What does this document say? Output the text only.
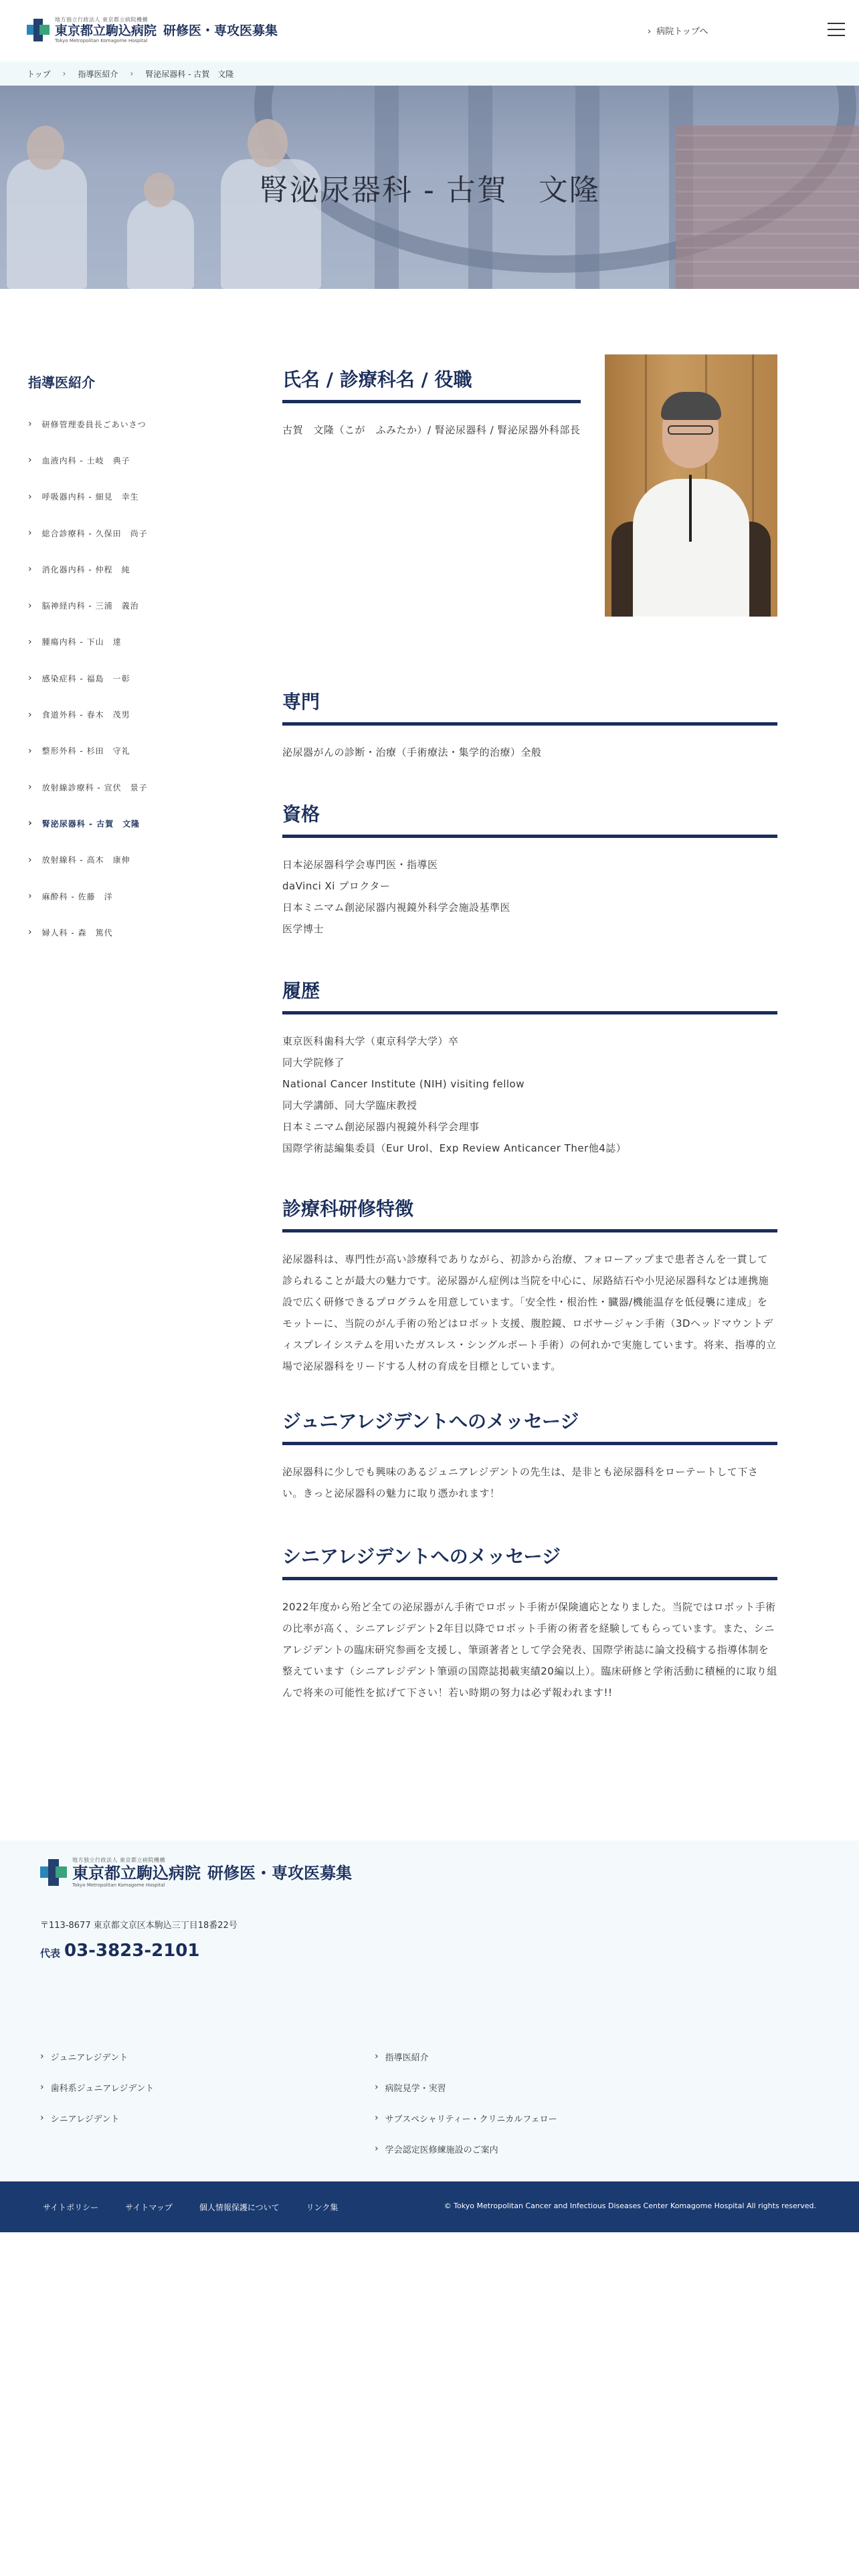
地方独立行政法人 東京都立病院機構
東京都立駒込病院 研修医・専攻医募集
Tokyo Metropolitan Komagome Hospital
› 病院トップへ
トップ › 指導医紹介 › 腎泌尿器科 - 古賀　文隆
腎泌尿器科 - 古賀　文隆
指導医紹介
› 研修管理委員長ごあいさつ
› 血液内科 - 土岐　典子
› 呼吸器内科 - 細見　幸生
› 総合診療科 - 久保田　尚子
› 消化器内科 - 仲程　純
› 脳神経内科 - 三浦　義治
› 腫瘍内科 - 下山　達
› 感染症科 - 福島　一彰
› 食道外科 - 春木　茂男
› 整形外科 - 杉田　守礼
› 放射線診療科 - 宣伏　景子
› 腎泌尿器科 - 古賀　文隆
› 放射線科 - 高木　康伸
› 麻酔科 - 佐藤　洋
› 婦人科 - 森　篤代
氏名 / 診療科名 / 役職

古賀　文隆（こが　ふみたか）/ 腎泌尿器科 / 腎泌尿器外科部長

専門

泌尿器がんの診断・治療（手術療法・集学的治療）全般

資格

日本泌尿器科学会専門医・指導医

daVinci Xi プロクター

日本ミニマム創泌尿器内視鏡外科学会施設基準医

医学博士

履歴

東京医科歯科大学（東京科学大学）卒

同大学院修了

National Cancer Institute (NIH) visiting fellow

同大学講師、同大学臨床教授

日本ミニマム創泌尿器内視鏡外科学会理事

国際学術誌編集委員（Eur Urol、Exp Review Anticancer Ther他4誌）

診療科研修特徴

泌尿器科は、専門性が高い診療科でありながら、初診から治療、フォローアップまで患者さんを一貫して診られることが最大の魅力です。泌尿器がん症例は当院を中心に、尿路結石や小児泌尿器科などは連携施設で広く研修できるプログラムを用意しています。「安全性・根治性・臓器/機能温存を低侵襲に達成」をモットーに、当院のがん手術の殆どはロボット支援、腹腔鏡、ロボサージャン手術（3Dヘッドマウントディスプレイシステムを用いたガスレス・シングルポート手術）の何れかで実施しています。将来、指導的立場で泌尿器科をリードする人材の育成を目標としています。

ジュニアレジデントへのメッセージ

泌尿器科に少しでも興味のあるジュニアレジデントの先生は、是非とも泌尿器科をローテートして下さい。きっと泌尿器科の魅力に取り憑かれます！

シニアレジデントへのメッセージ

2022年度から殆ど全ての泌尿器がん手術でロボット手術が保険適応となりました。当院ではロボット手術の比率が高く、シニアレジデント2年目以降でロボット手術の術者を経験してもらっています。また、シニアレジデントの臨床研究参画を支援し、筆頭著者として学会発表、国際学術誌に論文投稿する指導体制を整えています（シニアレジデント筆頭の国際誌掲載実績20編以上）。臨床研修と学術活動に積極的に取り組んで将来の可能性を拡げて下さい！若い時期の努力は必ず報われます!!

地方独立行政法人 東京都立病院機構
東京都立駒込病院 研修医・専攻医募集
Tokyo Metropolitan Komagome Hospital

〒113-8677 東京都文京区本駒込三丁目18番22号

代表 03-3823-2101
› ジュニアレジデント
› 歯科系ジュニアレジデント
› シニアレジデント
› 指導医紹介
› 病院見学・実習
› サブスペシャリティー・クリニカルフェロー
› 学会認定医修練施設のご案内
サイトポリシー	サイトマップ	個人情報保護について	リンク集	© Tokyo Metropolitan Cancer and Infectious Diseases Center Komagome Hospital All rights reserved.
